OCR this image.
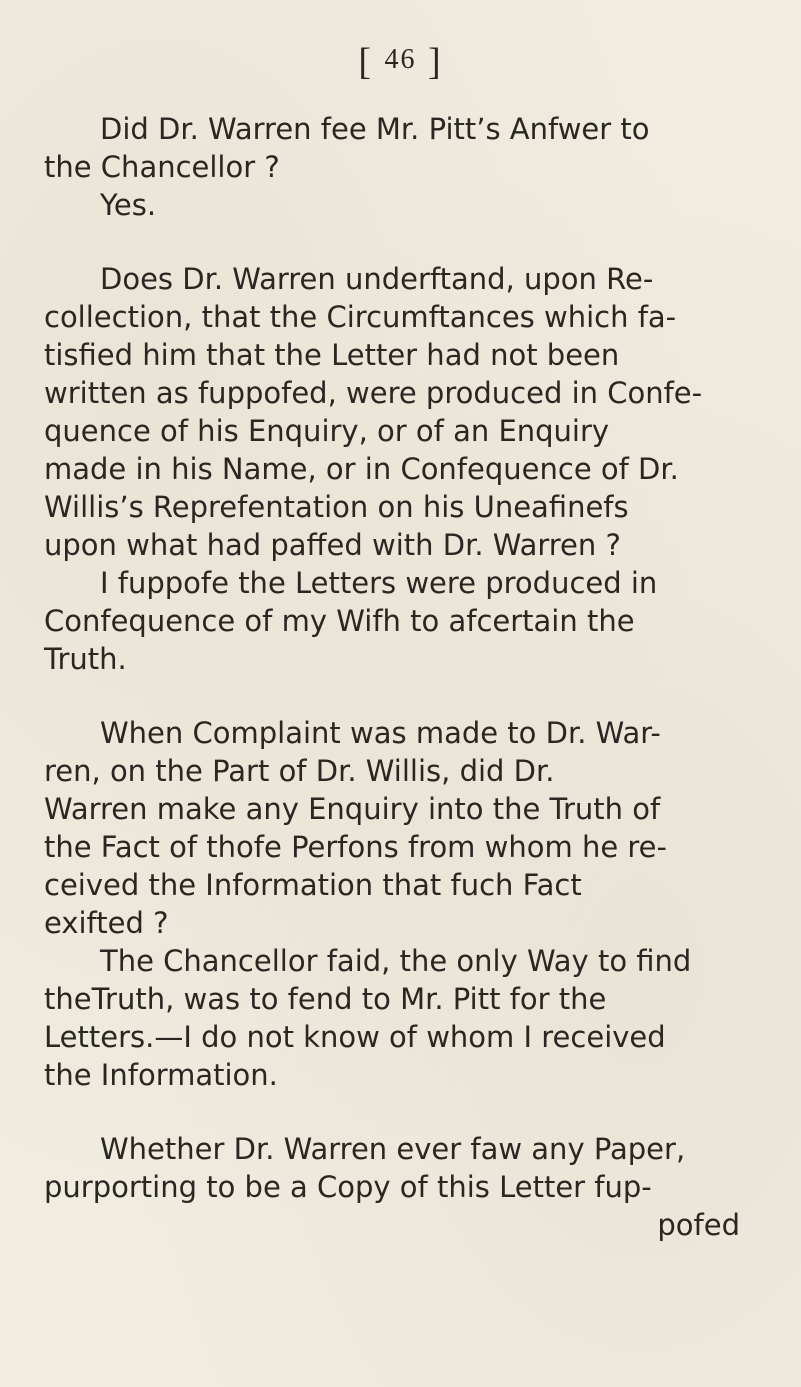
[ 46 ]
Did Dr. Warren fee Mr. Pitt’s Anfwer to
the Chancellor ?
Yes.
Does Dr. Warren underftand, upon Re-
collection, that the Circumftances which fa-
tisfied him that the Letter had not been
written as fuppofed, were produced in Confe-
quence of his Enquiry, or of an Enquiry
made in his Name, or in Confequence of Dr.
Willis’s Reprefentation on his Uneafinefs
upon what had paffed with Dr. Warren ?
I fuppofe the Letters were produced in
Confequence of my Wifh to afcertain the
Truth.
When Complaint was made to Dr. War-
ren, on the Part of Dr. Willis, did Dr.
Warren make any Enquiry into the Truth of
the Fact of thofe Perfons from whom he re-
ceived the Information that fuch Fact
exifted ?
The Chancellor faid, the only Way to find
theTruth, was to fend to Mr. Pitt for the
Letters.—I do not know of whom I received
the Information.
Whether Dr. Warren ever faw any Paper,
purporting to be a Copy of this Letter fup-
pofed
